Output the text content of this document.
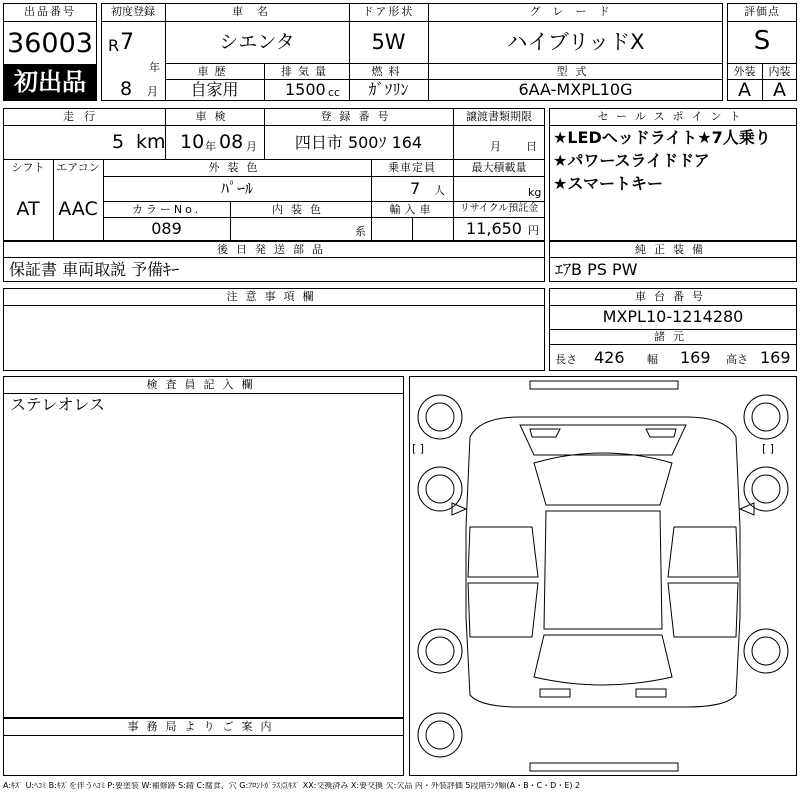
出品番号
36003
初出品
初度登録
R 7
年
8 月
車名
シエンタ
ドア形状
5W
グレード
ハイブリッドX
車歴
自家用
排気量
1500 cc
燃料
ｶﾞｿﾘﾝ
型式
6AA-MXPL10G
評価点
S
外装	内装
A	A
走行
5 km
車検
10 年 08 月
登録番号
四日市 500ｿ 164
譲渡書類期限
月 日
シフト
AT
エアコン
AAC
外装色
ﾊﾟｰﾙ
乗車定員
7 人
最大積載量
kg
カラーNo.
089
内装色
系
輸入車	リサイクル預託金
11,650 円
セールスポイント
★LEDヘッドライト★7人乗り
★パワースライドドア
★スマートキー
後日発送部品
保証書 車両取説 予備ｷｰ
純正装備
ｴｱB PS PW
注意事項欄	車台番号
MXPL10-1214280
諸元
長さ 426 幅 169 高さ 169
検査員記入欄
ステレオレス
事務局よりご案内
[ ]	[ ]
A:ｷｽﾞ U:ﾍｺﾐ B:ｷｽﾞを伴うﾍｺﾐ P:要塗装 W:補修跡 S:錆 C:腐食、穴 G:ﾌﾛﾝﾄｶﾞﾗｽ点ｷｽﾞ XX:交換済み X:要交換 欠:欠品 内・外装評価 5段階ﾗﾝｸ順(A・B・C・D・E) 2
